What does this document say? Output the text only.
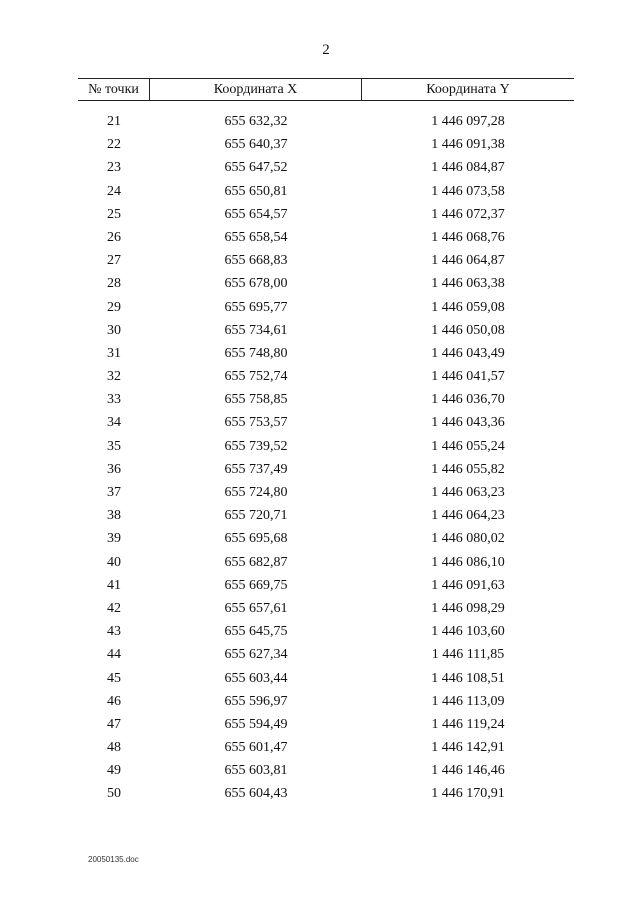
2
№ точки	Координата X	Координата Y
21	655 632,32	1 446 097,28
22	655 640,37	1 446 091,38
23	655 647,52	1 446 084,87
24	655 650,81	1 446 073,58
25	655 654,57	1 446 072,37
26	655 658,54	1 446 068,76
27	655 668,83	1 446 064,87
28	655 678,00	1 446 063,38
29	655 695,77	1 446 059,08
30	655 734,61	1 446 050,08
31	655 748,80	1 446 043,49
32	655 752,74	1 446 041,57
33	655 758,85	1 446 036,70
34	655 753,57	1 446 043,36
35	655 739,52	1 446 055,24
36	655 737,49	1 446 055,82
37	655 724,80	1 446 063,23
38	655 720,71	1 446 064,23
39	655 695,68	1 446 080,02
40	655 682,87	1 446 086,10
41	655 669,75	1 446 091,63
42	655 657,61	1 446 098,29
43	655 645,75	1 446 103,60
44	655 627,34	1 446 111,85
45	655 603,44	1 446 108,51
46	655 596,97	1 446 113,09
47	655 594,49	1 446 119,24
48	655 601,47	1 446 142,91
49	655 603,81	1 446 146,46
50	655 604,43	1 446 170,91
20050135.doc
